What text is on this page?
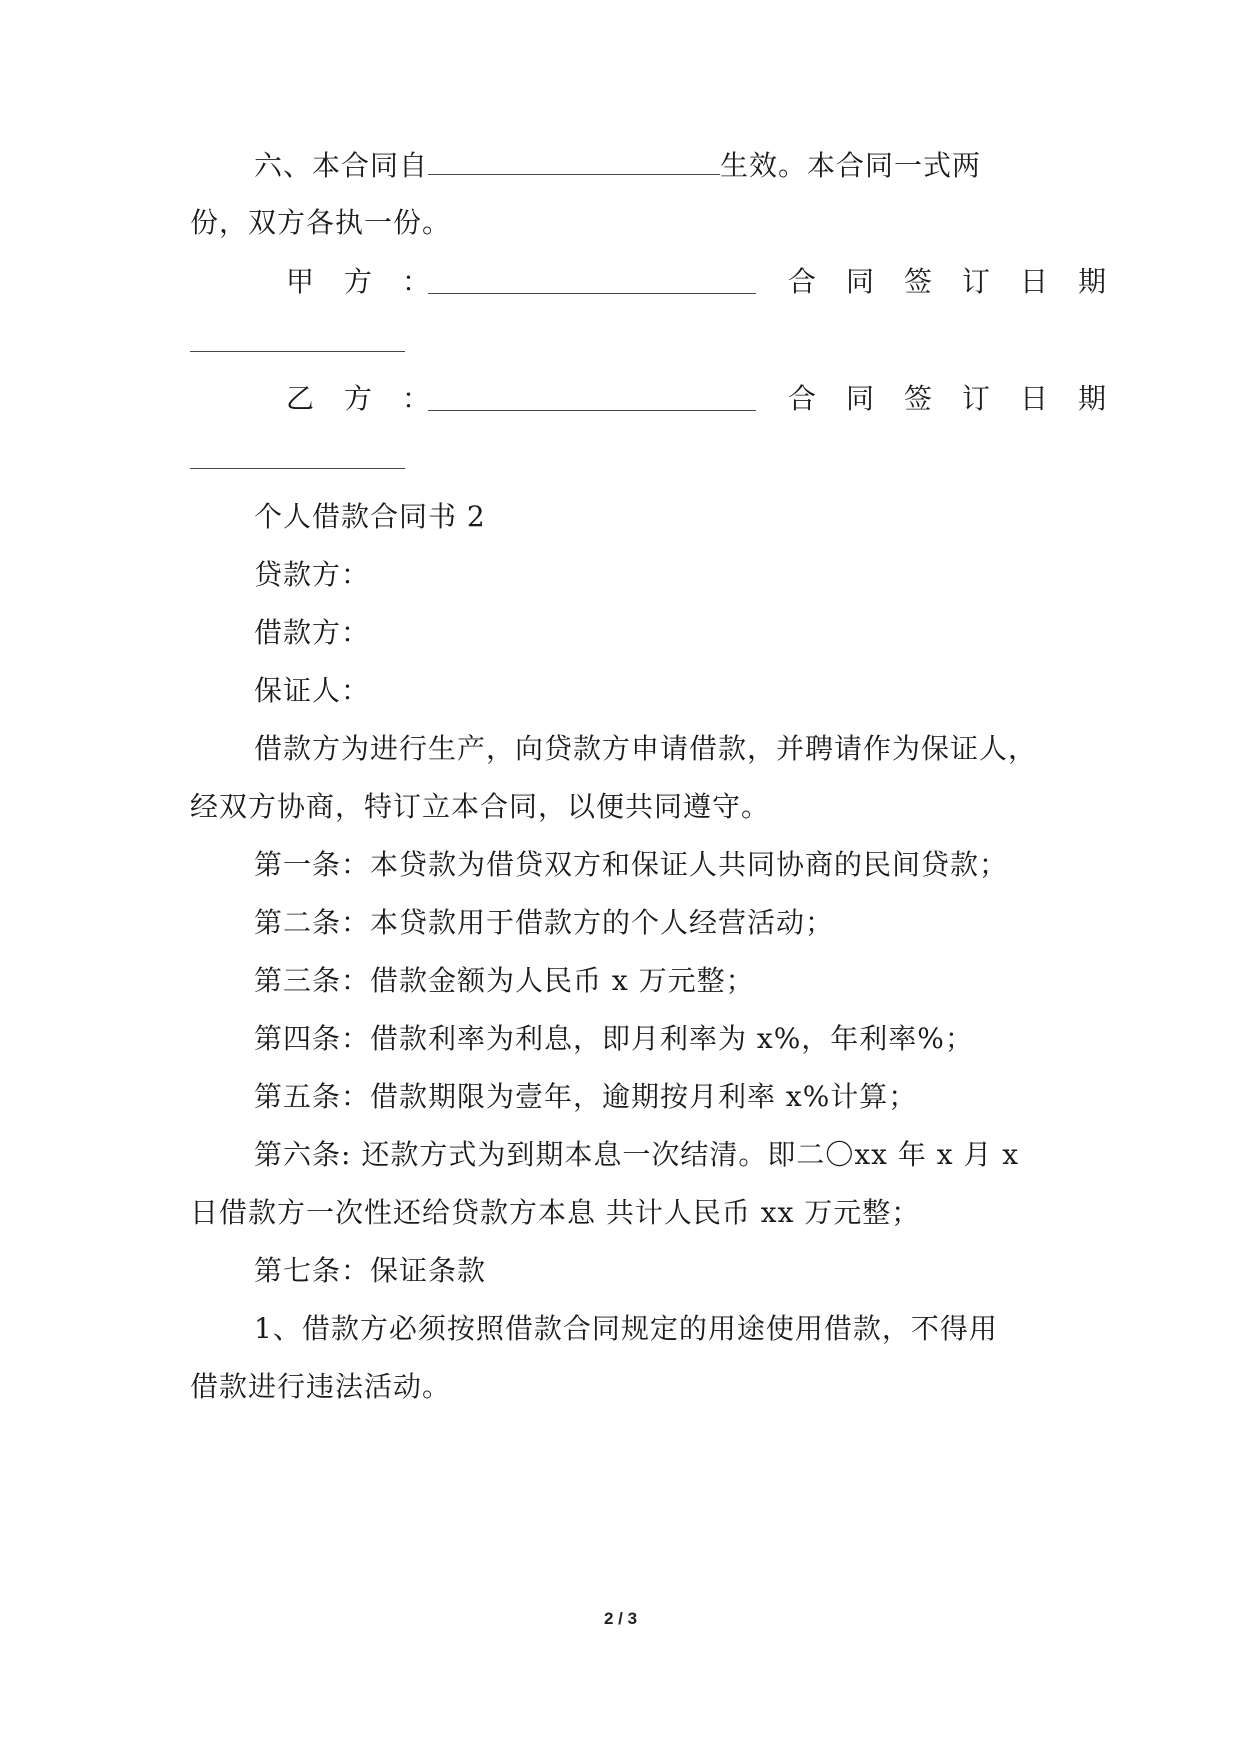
六、本合同自	生效。本合同一式两
份，双方各执一份。
甲方：	合同签订日期
乙方：	合同签订日期
个人借款合同书 2
贷款方：
借款方：
保证人：
借款方为进行生产，向贷款方申请借款，并聘请作为保证人，
经双方协商，特订立本合同，以便共同遵守。
第一条：本贷款为借贷双方和保证人共同协商的民间贷款；
第二条：本贷款用于借款方的个人经营活动；
第三条：借款金额为人民币 x 万元整；
第四条：借款利率为利息，即月利率为 x%，年利率%；
第五条：借款期限为壹年，逾期按月利率 x%计算；
第六条: 还款方式为到期本息一次结清。即二〇xx 年 x 月 x
日借款方一次性还给贷款方本息 共计人民币 xx 万元整；
第七条：保证条款
1、借款方必须按照借款合同规定的用途使用借款，不得用
借款进行违法活动。
2 / 3
